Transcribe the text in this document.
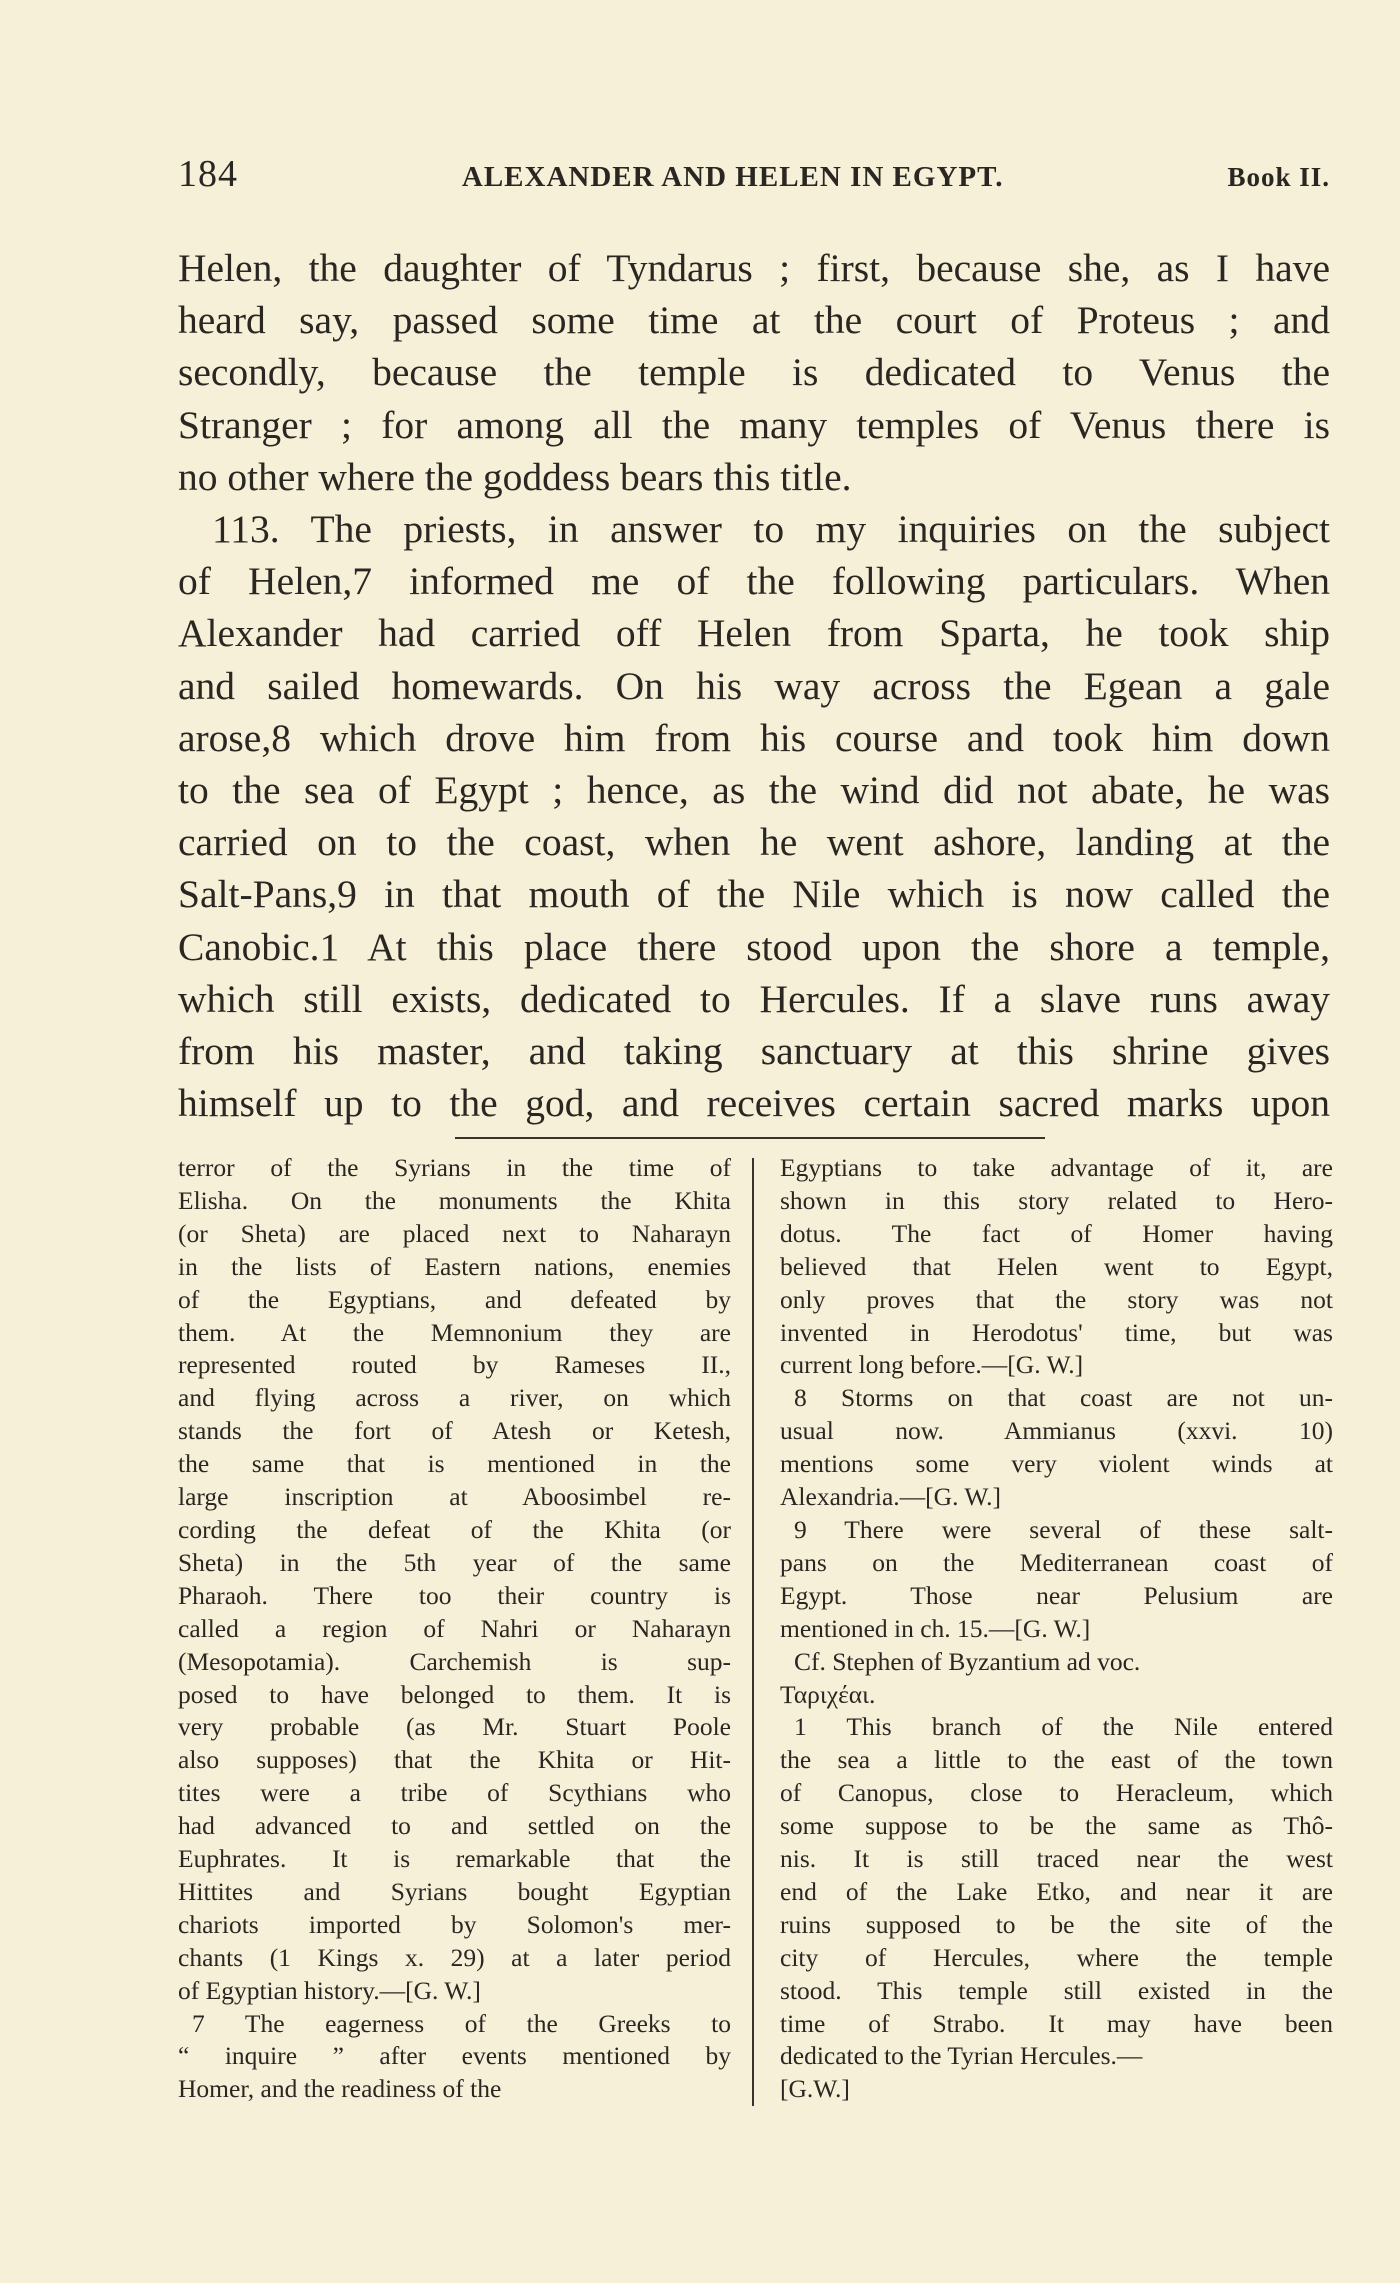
184	ALEXANDER AND HELEN IN EGYPT.	Book II.

Helen, the daughter of Tyndarus ; first, because she, as I have
heard say, passed some time at the court of Proteus ; and
secondly, because the temple is dedicated to Venus the
Stranger ; for among all the many temples of Venus there is
no other where the goddess bears this title.

113. The priests, in answer to my inquiries on the subject
of Helen,7 informed me of the following particulars. When
Alexander had carried off Helen from Sparta, he took ship
and sailed homewards. On his way across the Egean a gale
arose,8 which drove him from his course and took him down
to the sea of Egypt ; hence, as the wind did not abate, he was
carried on to the coast, when he went ashore, landing at the
Salt-Pans,9 in that mouth of the Nile which is now called the
Canobic.1 At this place there stood upon the shore a temple,
which still exists, dedicated to Hercules. If a slave runs away
from his master, and taking sanctuary at this shrine gives
himself up to the god, and receives certain sacred marks upon

terror of the Syrians in the time of
Elisha. On the monuments the Khita
(or Sheta) are placed next to Naharayn
in the lists of Eastern nations, enemies
of the Egyptians, and defeated by
them. At the Memnonium they are
represented routed by Rameses II.,
and flying across a river, on which
stands the fort of Atesh or Ketesh,
the same that is mentioned in the
large inscription at Aboosimbel re-
cording the defeat of the Khita (or
Sheta) in the 5th year of the same
Pharaoh. There too their country is
called a region of Nahri or Naharayn
(Mesopotamia). Carchemish is sup-
posed to have belonged to them. It is
very probable (as Mr. Stuart Poole
also supposes) that the Khita or Hit-
tites were a tribe of Scythians who
had advanced to and settled on the
Euphrates. It is remarkable that the
Hittites and Syrians bought Egyptian
chariots imported by Solomon's mer-
chants (1 Kings x. 29) at a later period
of Egyptian history.—[G. W.]
7 The eagerness of the Greeks to
“ inquire ” after events mentioned by
Homer, and the readiness of the
Egyptians to take advantage of it, are
shown in this story related to Hero-
dotus. The fact of Homer having
believed that Helen went to Egypt,
only proves that the story was not
invented in Herodotus' time, but was
current long before.—[G. W.]
8 Storms on that coast are not un-
usual now. Ammianus (xxvi. 10)
mentions some very violent winds at
Alexandria.—[G. W.]
9 There were several of these salt-
pans on the Mediterranean coast of
Egypt. Those near Pelusium are
mentioned in ch. 15.—[G. W.]
Cf. Stephen of Byzantium ad voc.
Ταριχέαι.
1 This branch of the Nile entered
the sea a little to the east of the town
of Canopus, close to Heracleum, which
some suppose to be the same as Thô-
nis. It is still traced near the west
end of the Lake Etko, and near it are
ruins supposed to be the site of the
city of Hercules, where the temple
stood. This temple still existed in the
time of Strabo. It may have been
dedicated to the Tyrian Hercules.—
[G.W.]
